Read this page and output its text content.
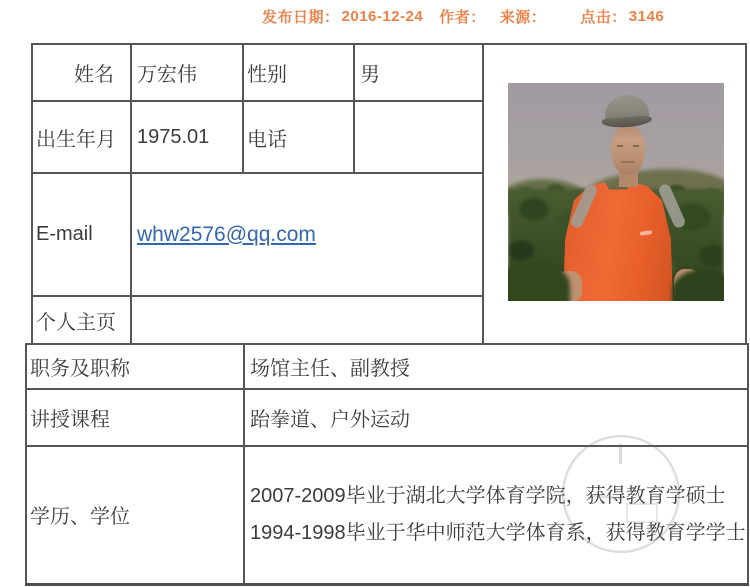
发布日期： 2016-12-24 作者： 来源： 点击： 3146
姓名	万宏伟	性别	男	
出生年月	1975.01	电话		
E-mail	whw2576@qq.com			
个人主页				
职务及职称	场馆主任、副教授
讲授课程	跆拳道、户外运动
学历、学位	2007-2009毕业于湖北大学体育学院，获得教育学硕士
1994-1998毕业于华中师范大学体育系，获得教育学学士
